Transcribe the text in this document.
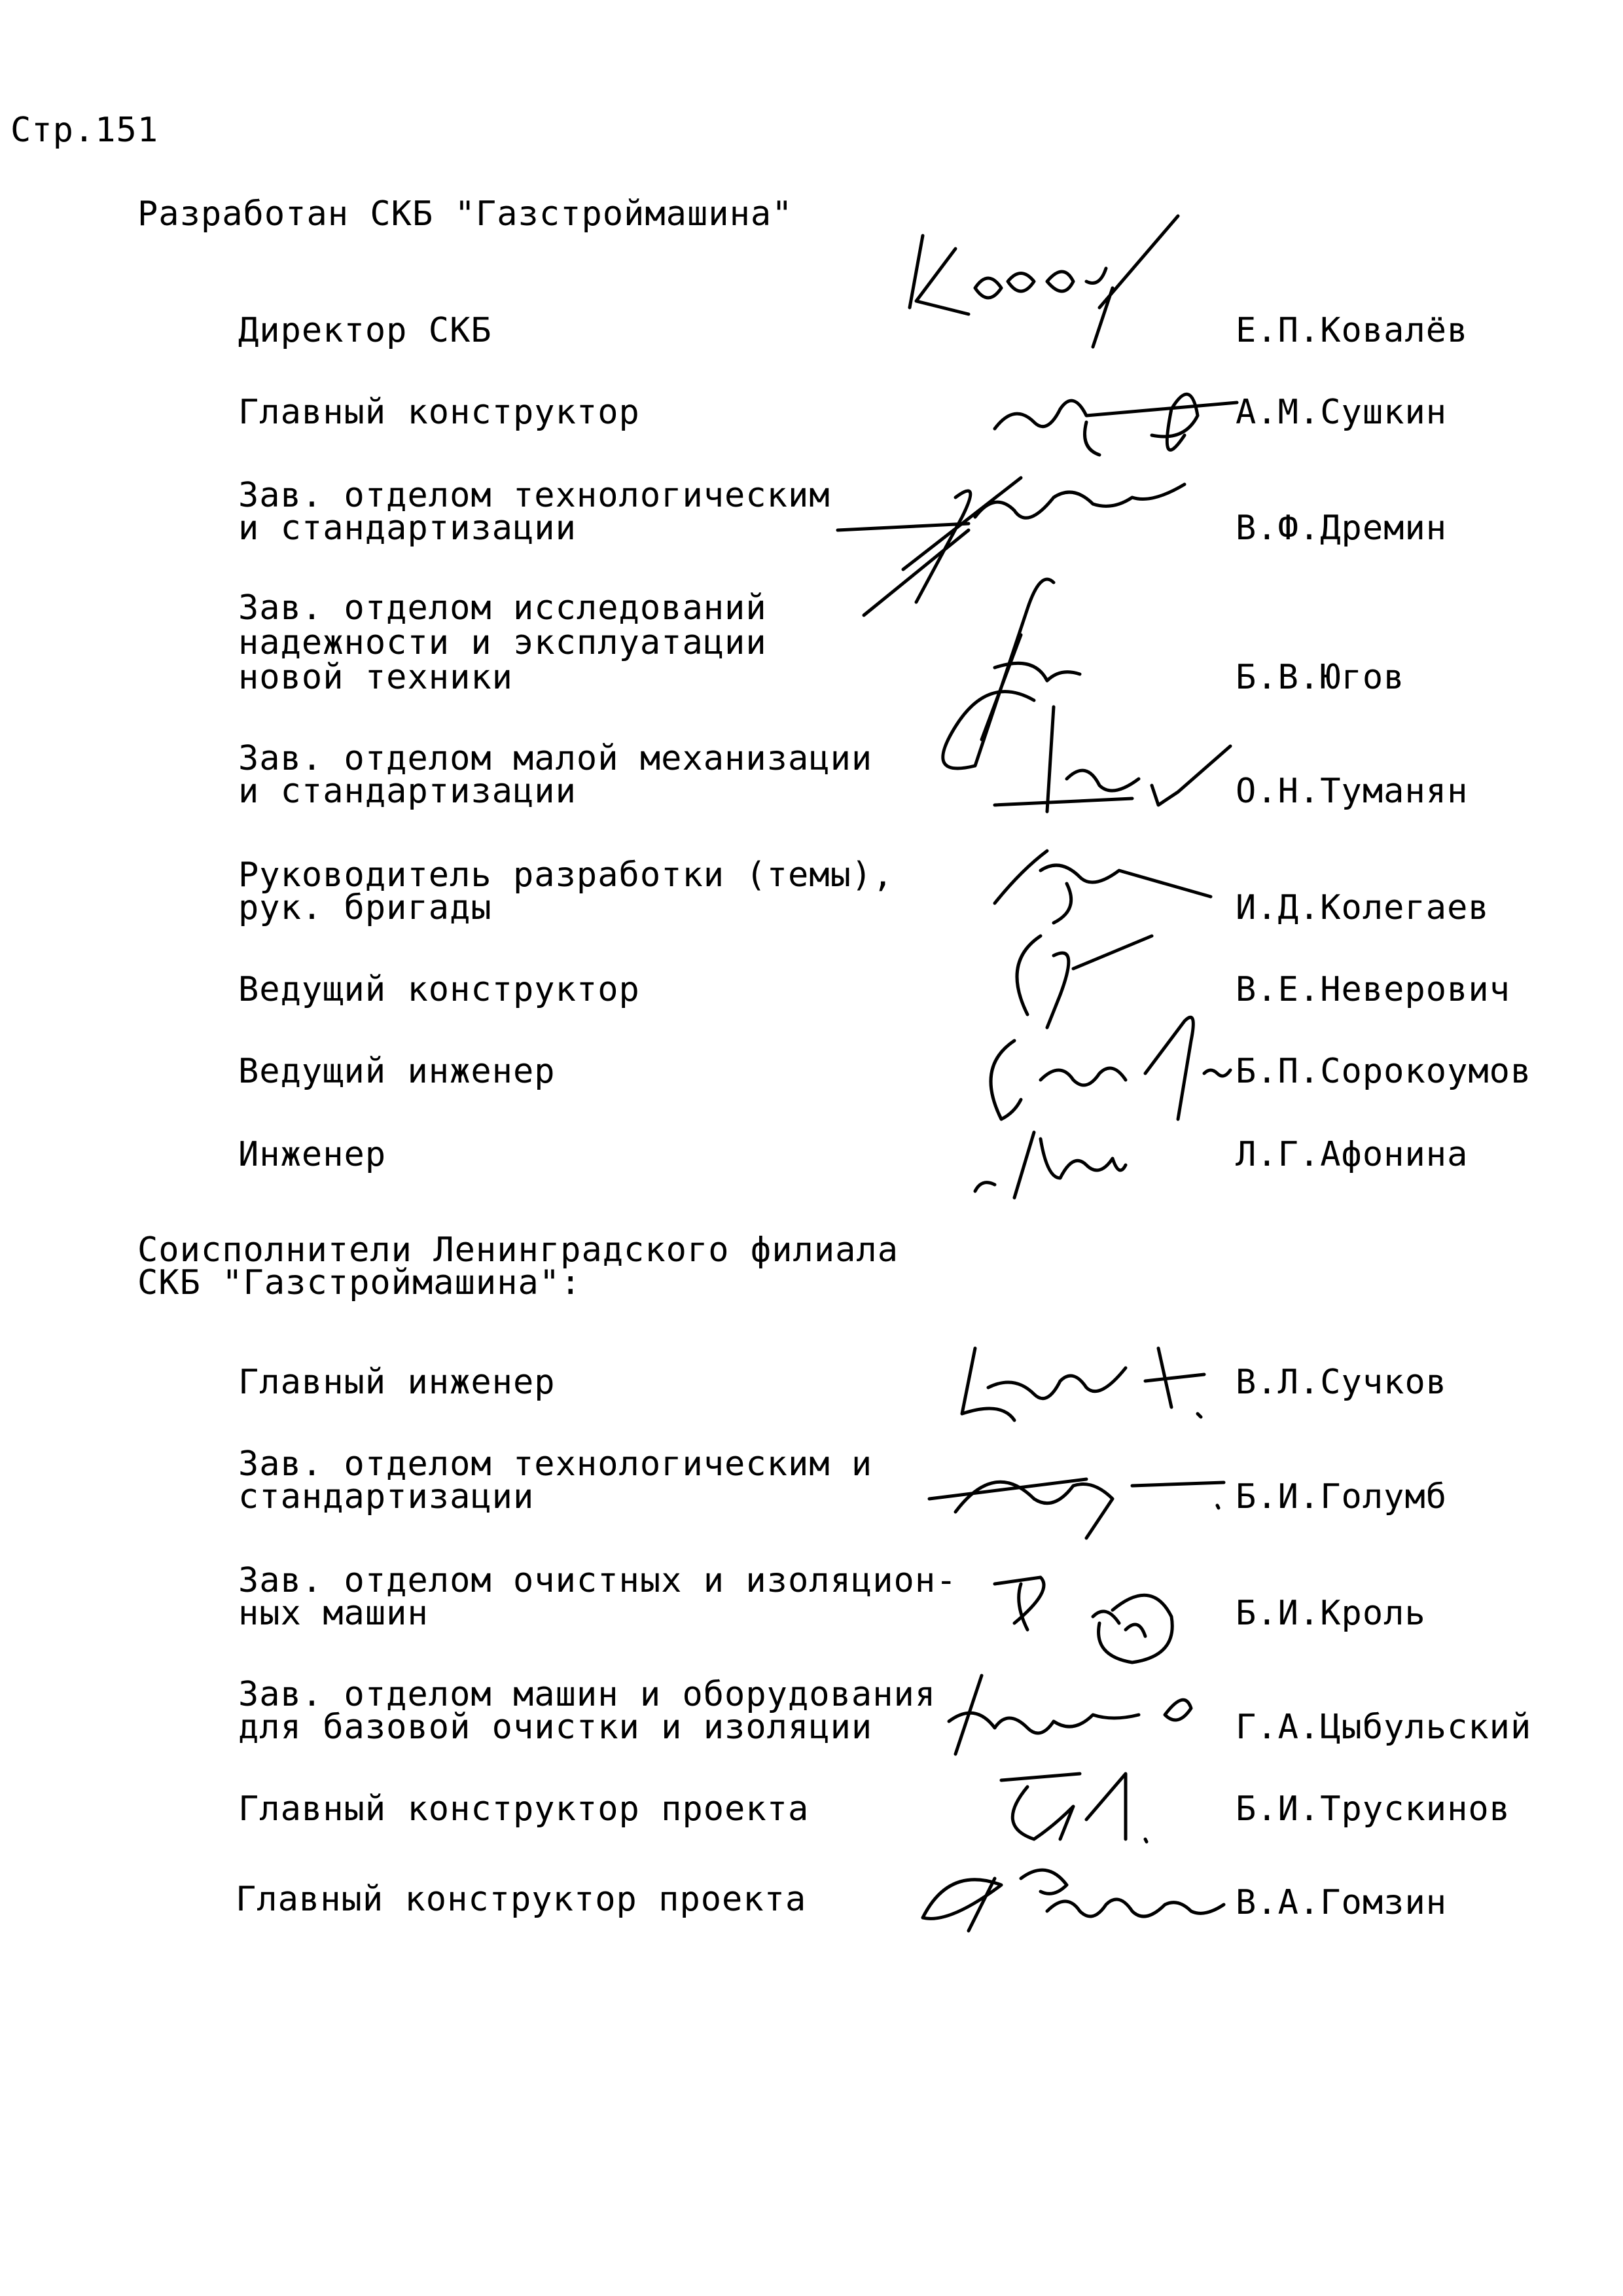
Стр.151
Разработан СКБ "Газстроймашина"
Директор СКБ	Е.П.Ковалёв
Главный конструктор	А.М.Сушкин
Зав. отделом технологическим
и стандартизации	В.Ф.Дремин
Зав. отделом исследований
надежности и эксплуатации
новой техники	Б.В.Югов
Зав. отделом малой механизации
и стандартизации	О.Н.Туманян
Руководитель разработки (темы),
рук. бригады	И.Д.Колегаев
Ведущий конструктор	В.Е.Неверович
Ведущий инженер	Б.П.Сорокоумов
Инженер	Л.Г.Афонина
Соисполнители Ленинградского филиала
СКБ "Газстроймашина":
Главный инженер	В.Л.Сучков
Зав. отделом технологическим и
стандартизации	Б.И.Голумб
Зав. отделом очистных и изоляцион-
ных машин	Б.И.Кроль
Зав. отделом машин и оборудования
для базовой очистки и изоляции	Г.А.Цыбульский
Главный конструктор проекта	Б.И.Трускинов
Главный конструктор проекта	В.А.Гомзин
